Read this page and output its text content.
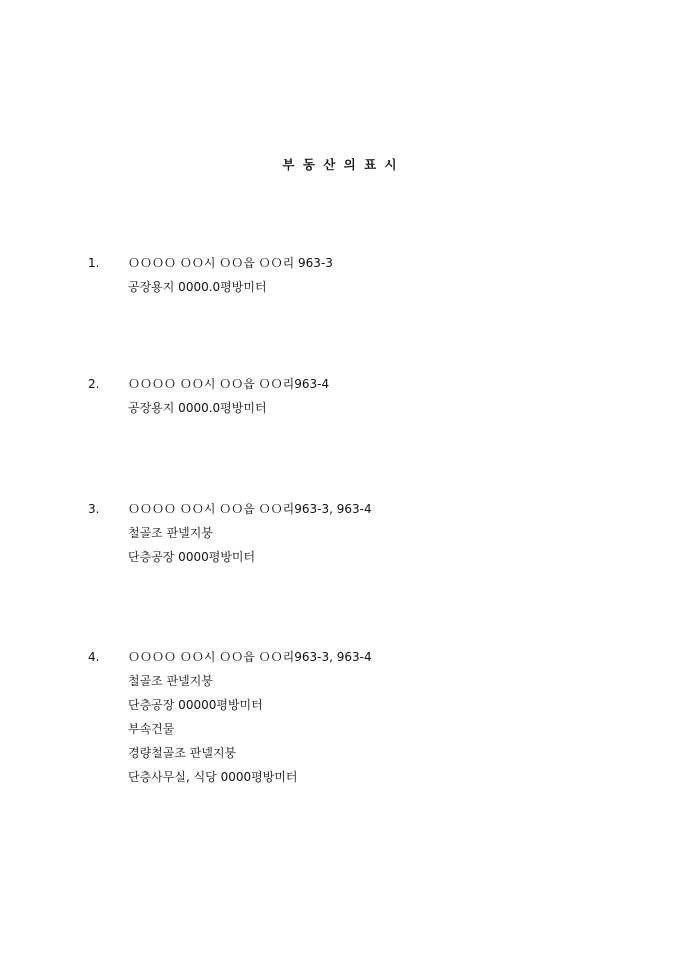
부 동 산 의 표 시
1.	ＯＯＯＯ ＯＯ시 ＯＯ읍 ＯＯ리 963-3
공장용지 0000.0평방미터
2.	ＯＯＯＯ ＯＯ시 ＯＯ읍 ＯＯ리963-4
공장용지 0000.0평방미터
3.	ＯＯＯＯ ＯＯ시 ＯＯ읍 ＯＯ리963-3, 963-4
철골조 판넬지붕
단층공장 0000평방미터
4.	ＯＯＯＯ ＯＯ시 ＯＯ읍 ＯＯ리963-3, 963-4
철골조 판넬지붕
단층공장 00000평방미터
부속건물
경량철골조 판넬지붕
단층사무실, 식당 0000평방미터
